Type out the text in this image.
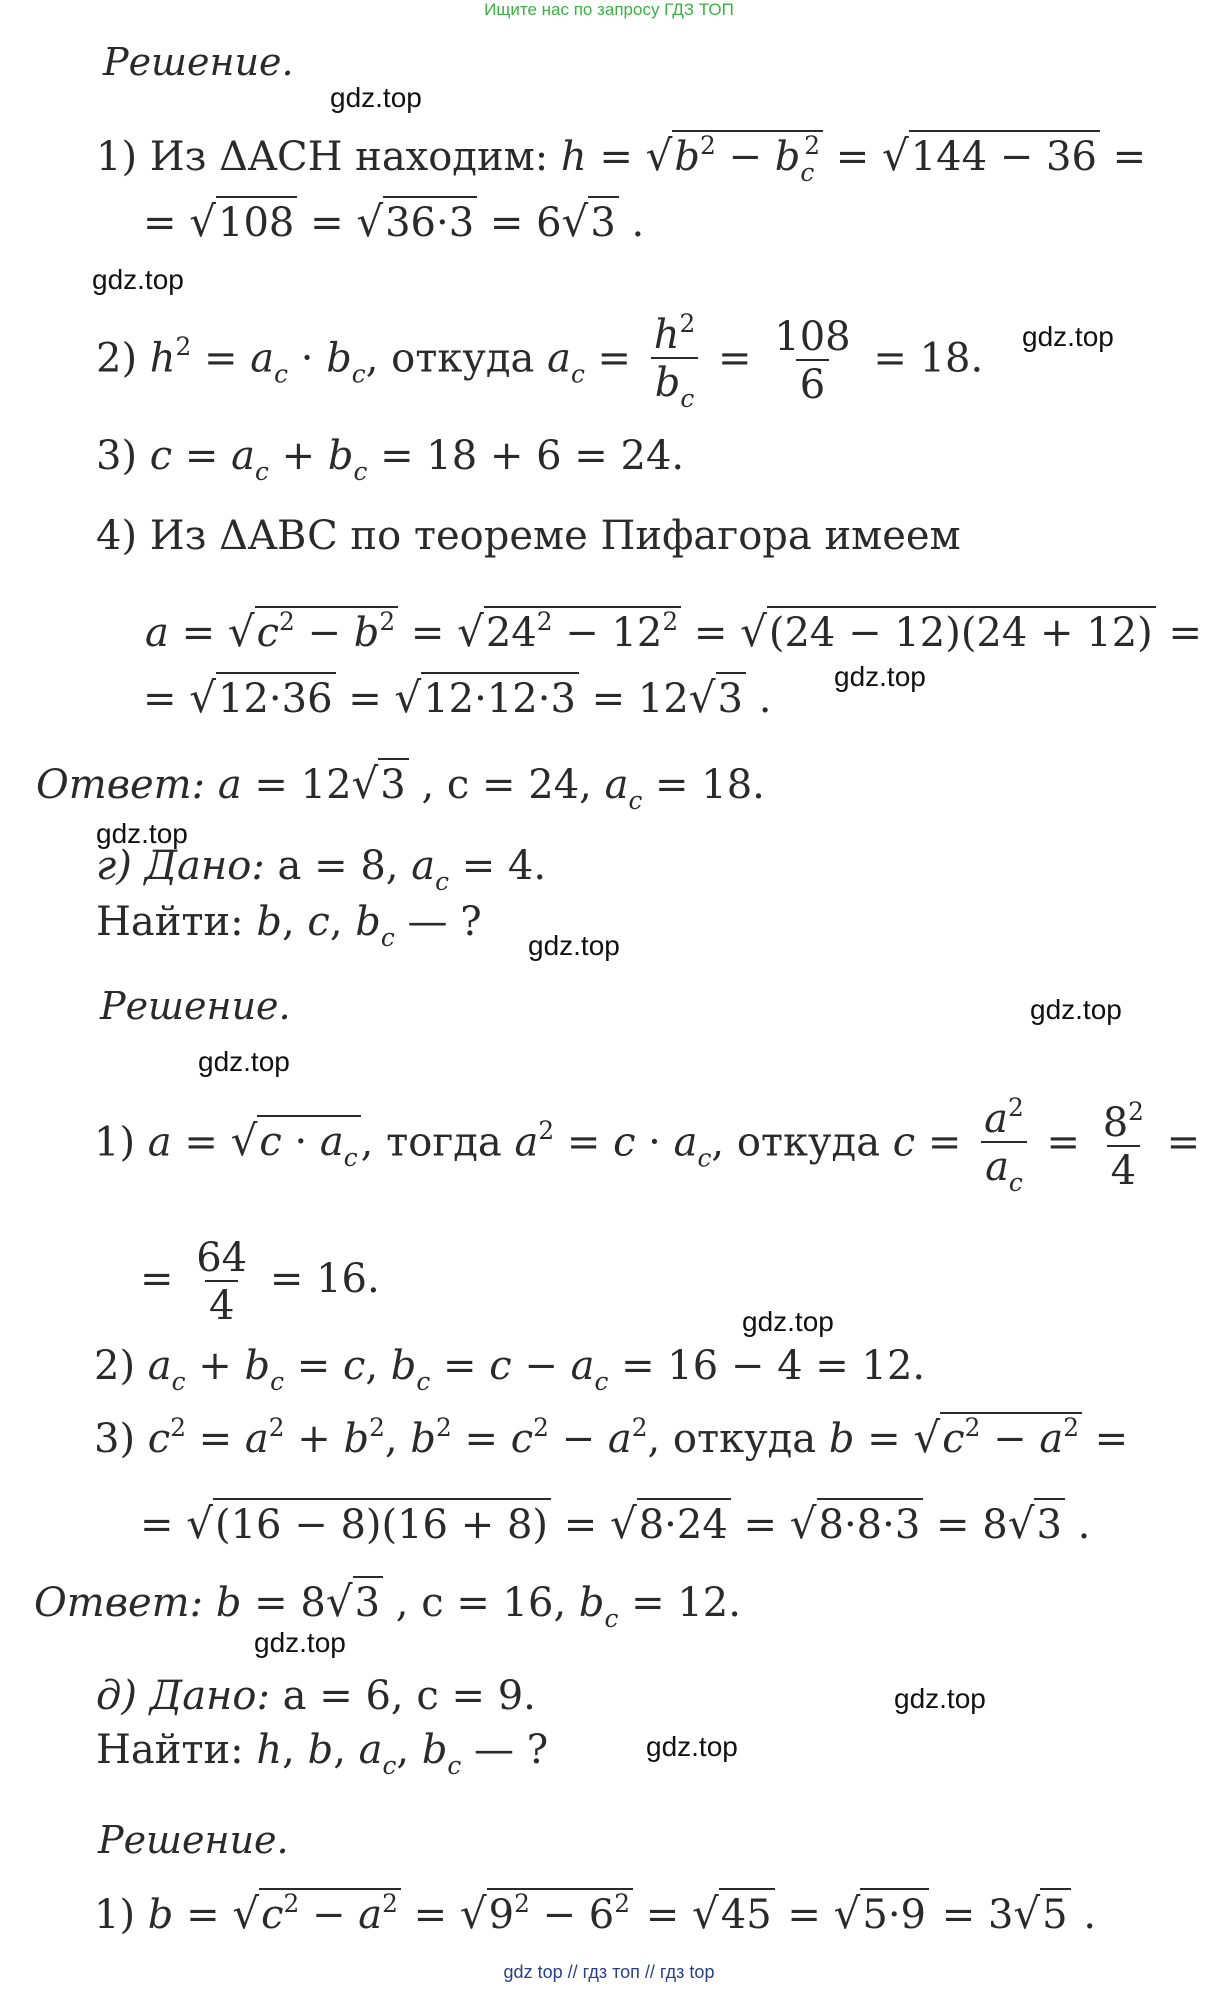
Ищите нас по запросу ГДЗ ТОП
Решение.
1) Из ΔACH находим: $h = √b^2 - b_c^2 = √144 - 36$ =
= √108 = √36·3 = 6√3 .
2) $h^2 = a_c \cdot b_c$, откуда $a_c = \frac{h^2}{b_c} = \frac{108}{6} = 18$.
3) $c = a_c + b_c = 18 + 6 = 24$.
4) Из ΔABC по теореме Пифагора имеем
$a = √c^2 - b^2 = √24^2 - 12^2 = √(24 - 12)(24 + 12)$ =
= √12·36 = √12·12·3 = 12√3 .
Ответ: a = 12√3 , c = 24, $a_c = 18$.
г) Дано: a = 8, $a_c = 4$.
Найти: b, c, $b_c$ — ?
Решение.
1) $a = √c \cdot a_c$, тогда $a^2 = c \cdot a_c$, откуда $c = \frac{a^2}{a_c} = \frac{8^2}{4}$ =
= $\frac{64}{4} = 16$.
2) $a_c + b_c = c$, $b_c = c - a_c = 16 - 4 = 12$.
3) $c^2 = a^2 + b^2$, $b^2 = c^2 - a^2$, откуда $b = √c^2 - a^2$ =
= √(16 − 8)(16 + 8) = √8·24 = √8·8·3 = 8√3 .
Ответ: b = 8√3 , c = 16, $b_c = 12$.
д) Дано: a = 6, c = 9.
Найти: h, b, $a_c$, $b_c$ — ?
Решение.
1) $b = √c^2 - a^2 = √9^2 - 6^2 = √45 = √5\cdot 9 = 3√5$ .
gdz.top
gdz.top
gdz.top
gdz.top
gdz.top
gdz.top
gdz.top
gdz.top
gdz.top
gdz.top
gdz.top
gdz.top
gdz top // гдз топ // гдз top
